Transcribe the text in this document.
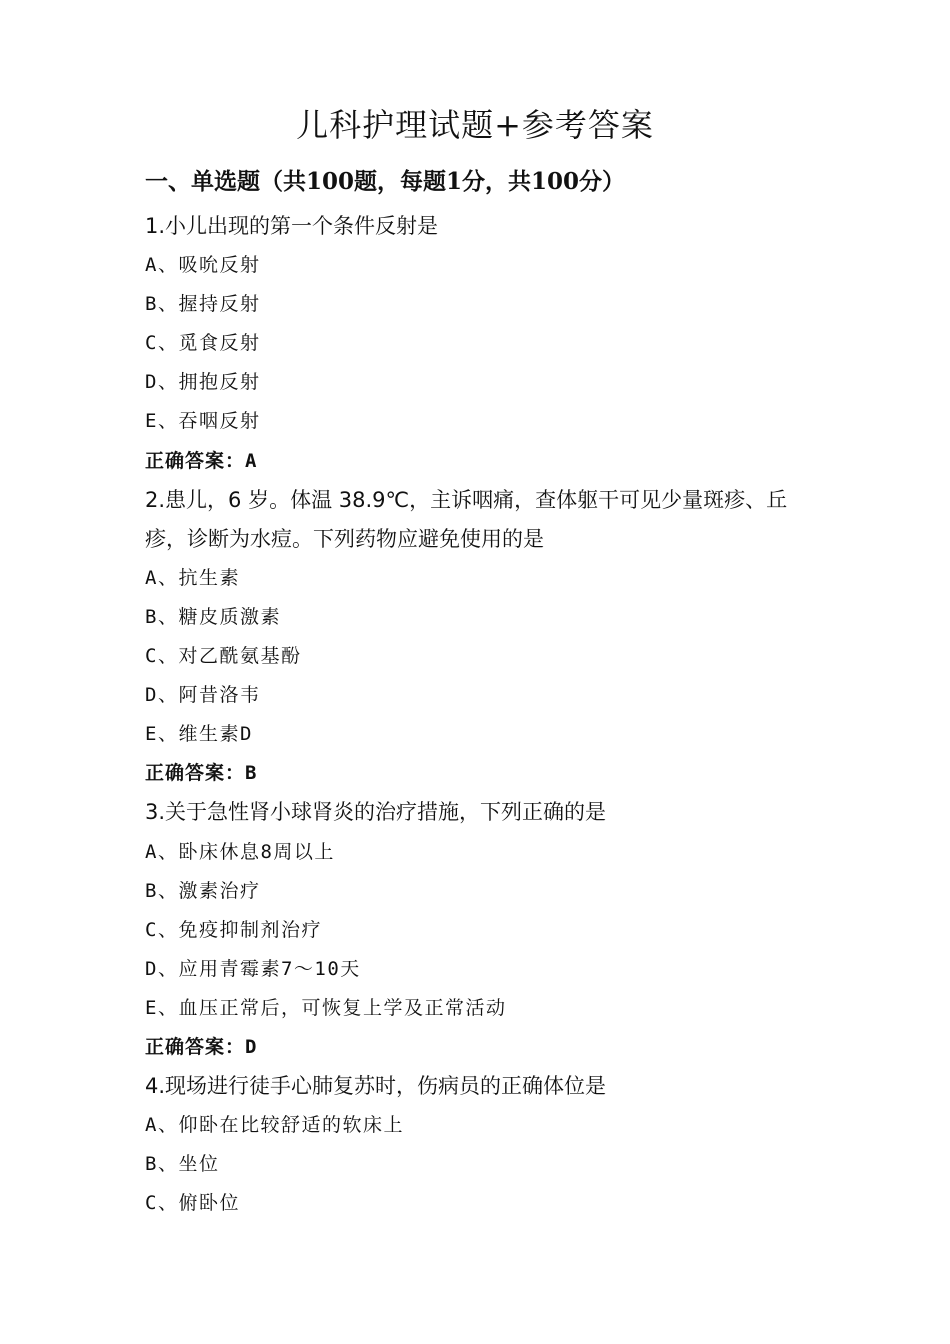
儿科护理试题+参考答案
一、单选题（共100题，每题1分，共100分）
1.小儿出现的第一个条件反射是
A、吸吮反射
B、握持反射
C、觅食反射
D、拥抱反射
E、吞咽反射
正确答案：A
2.患儿，6 岁。体温 38.9℃，主诉咽痛，查体躯干可见少量斑疹、丘疹，诊断为水痘。下列药物应避免使用的是
A、抗生素
B、糖皮质激素
C、对乙酰氨基酚
D、阿昔洛韦
E、维生素D
正确答案：B
3.关于急性肾小球肾炎的治疗措施，下列正确的是
A、卧床休息8周以上
B、激素治疗
C、免疫抑制剂治疗
D、应用青霉素7～10天
E、血压正常后，可恢复上学及正常活动
正确答案：D
4.现场进行徒手心肺复苏时，伤病员的正确体位是
A、仰卧在比较舒适的软床上
B、坐位
C、俯卧位
